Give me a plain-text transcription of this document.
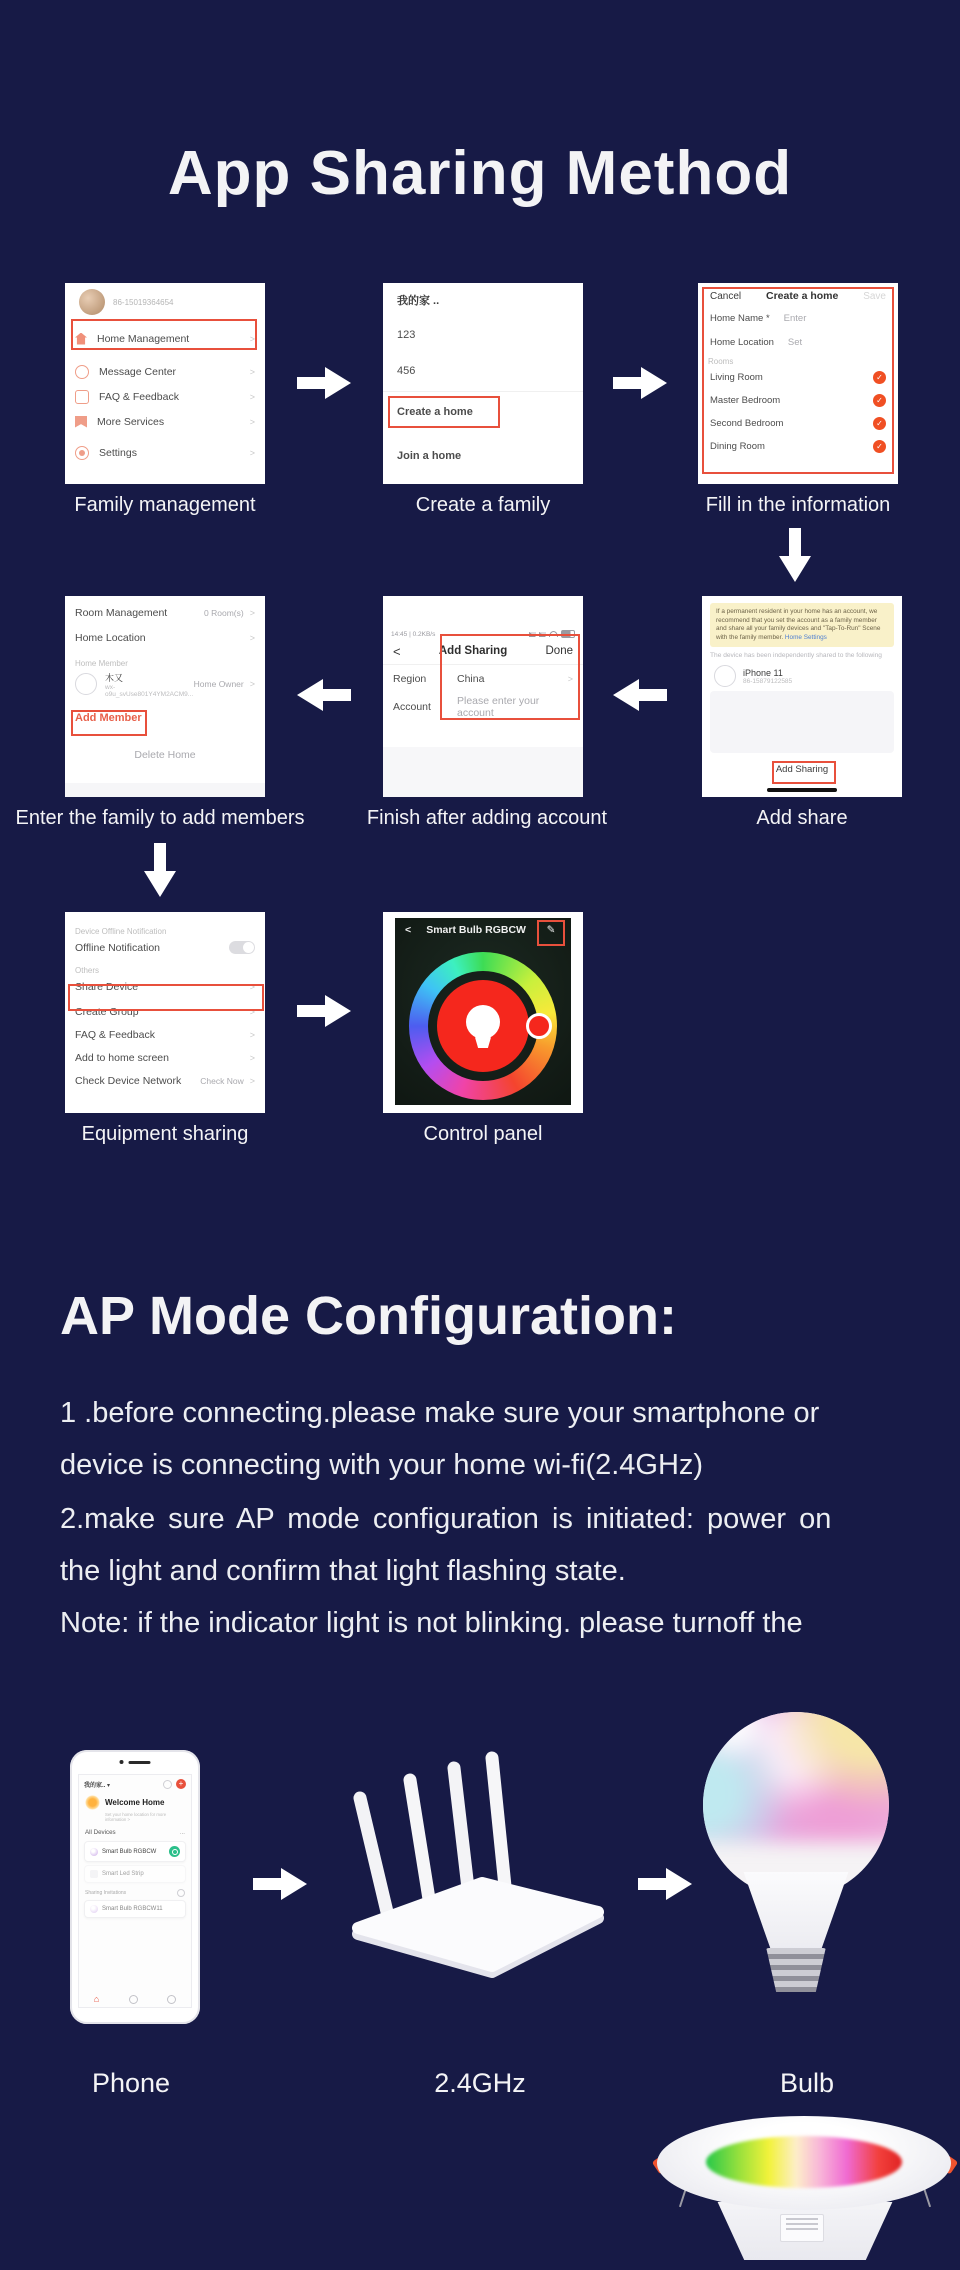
App Sharing Method
86-15019364654
Home Management	>
Message Center	>
FAQ & Feedback	>
More Services	>
Settings	>
我的家 ..
123
456
Create a home
Join a home
Cancel Create a home Save
Home Name * Enter
Home Location Set
Rooms
Living Room	✓
Master Bedroom	✓
Second Bedroom	✓
Dining Room	✓
Room Management	0 Room(s) >
Home Location	>
Home Member
木又
wx-o9u_svUse801Y4YM2ACM9...
Home Owner >
Add Member
Delete Home
14:45 | 0.2KB/s
<	Add Sharing	Done
Region	China	>
Account	Please enter your account
If a permanent resident in your home has an account, we recommend that you set the account as a family member and share all your family devices and "Tap-To-Run" Scene with the family member. Home Settings
The device has been independently shared to the following
iPhone 11
86-15879122585
Add Sharing
Device Offline Notification
Offline Notification
Others
Share Device	>
Create Group	>
FAQ & Feedback	>
Add to home screen	>
Check Device Network	Check Now >
< Smart Bulb RGBCW	✎
Family management	Create a family	Fill in the information
Enter the family to add members	Finish after adding account	Add share
Equipment sharing	Control panel
AP Mode Configuration:
1 .before connecting.please make sure your smartphone or
device is connecting with your home wi-fi(2.4GHz)
2.make sure AP mode configuration is initiated: power on
the light and confirm that light flashing state.
Note: if the indicator light is not blinking. please turnoff the
我的家.. ▾	+
Welcome Home
Set your home location for more information >
All Devices	...
Smart Bulb RGBCW
Smart Led Strip
Sharing Invitations
Smart Bulb RGBCW11
⌂
Phone	2.4GHz	Bulb
